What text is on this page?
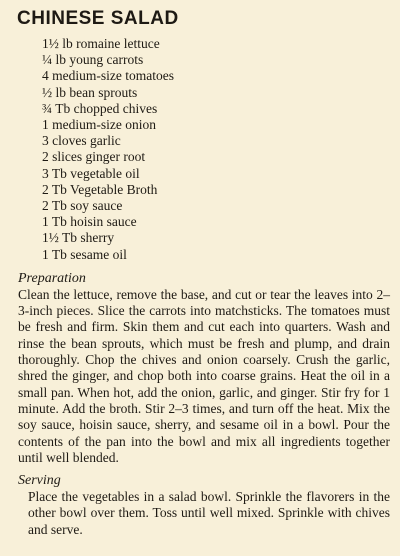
CHINESE SALAD
1½ lb romaine lettuce
¼ lb young carrots
4 medium-size tomatoes
½ lb bean sprouts
¾ Tb chopped chives
1 medium-size onion
3 cloves garlic
2 slices ginger root
3 Tb vegetable oil
2 Tb Vegetable Broth
2 Tb soy sauce
1 Tb hoisin sauce
1½ Tb sherry
1 Tb sesame oil
Preparation

Clean the lettuce, remove the base, and cut or tear the leaves into 2–3-inch pieces. Slice the carrots into matchsticks. The tomatoes must be fresh and firm. Skin them and cut each into quarters. Wash and rinse the bean sprouts, which must be fresh and plump, and drain thoroughly. Chop the chives and onion coarsely. Crush the garlic, shred the ginger, and chop both into coarse grains. Heat the oil in a small pan. When hot, add the onion, garlic, and ginger. Stir fry for 1 minute. Add the broth. Stir 2–3 times, and turn off the heat. Mix the soy sauce, hoisin sauce, sherry, and sesame oil in a bowl. Pour the contents of the pan into the bowl and mix all ingredients together until well blended.

Serving

Place the vegetables in a salad bowl. Sprinkle the flavorers in the other bowl over them. Toss until well mixed. Sprinkle with chives and serve.
